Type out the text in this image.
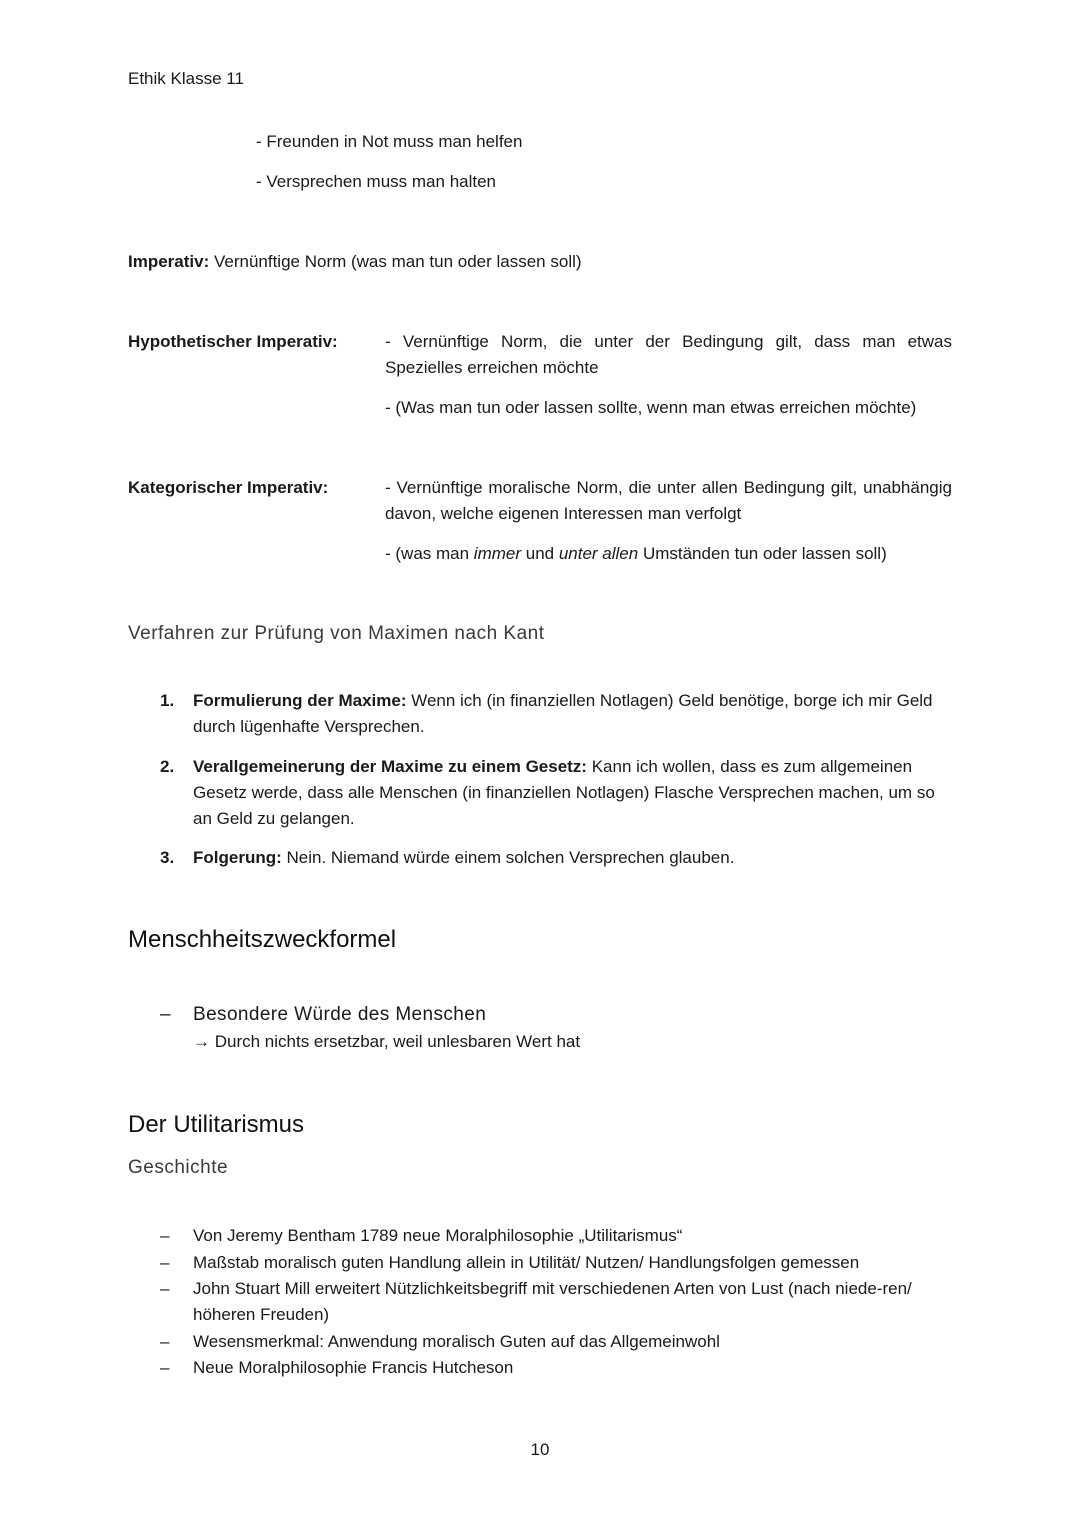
Ethik Klasse 11
- Freunden in Not muss man helfen
- Versprechen muss man halten
Imperativ: Vernünftige Norm (was man tun oder lassen soll)
Hypothetischer Imperativ:	- Vernünftige Norm, die unter der Bedingung gilt, dass man etwas Spezielles erreichen möchte
- (Was man tun oder lassen sollte, wenn man etwas erreichen möchte)
Kategorischer Imperativ:	- Vernünftige moralische Norm, die unter allen Bedingung gilt, unabhängig davon, welche eigenen Interessen man verfolgt
- (was man immer und unter allen Umständen tun oder lassen soll)
Verfahren zur Prüfung von Maximen nach Kant
1.	Formulierung der Maxime: Wenn ich (in finanziellen Notlagen) Geld benötige, borge ich mir Geld durch lügenhafte Versprechen.
2.	Verallgemeinerung der Maxime zu einem Gesetz: Kann ich wollen, dass es zum allgemeinen Gesetz werde, dass alle Menschen (in finanziellen Notlagen) Flasche Versprechen machen, um so an Geld zu gelangen.
3.	Folgerung: Nein. Niemand würde einem solchen Versprechen glauben.
Menschheitszweckformel
–	Besondere Würde des Menschen
→ Durch nichts ersetzbar, weil unlesbaren Wert hat
Der Utilitarismus
Geschichte
–	Von Jeremy Bentham 1789 neue Moralphilosophie „Utilitarismus“
–	Maßstab moralisch guten Handlung allein in Utilität/ Nutzen/ Handlungsfolgen gemessen
–	John Stuart Mill erweitert Nützlichkeitsbegriff mit verschiedenen Arten von Lust (nach niede-ren/ höheren Freuden)
–	Wesensmerkmal: Anwendung moralisch Guten auf das Allgemeinwohl
–	Neue Moralphilosophie Francis Hutcheson
10
